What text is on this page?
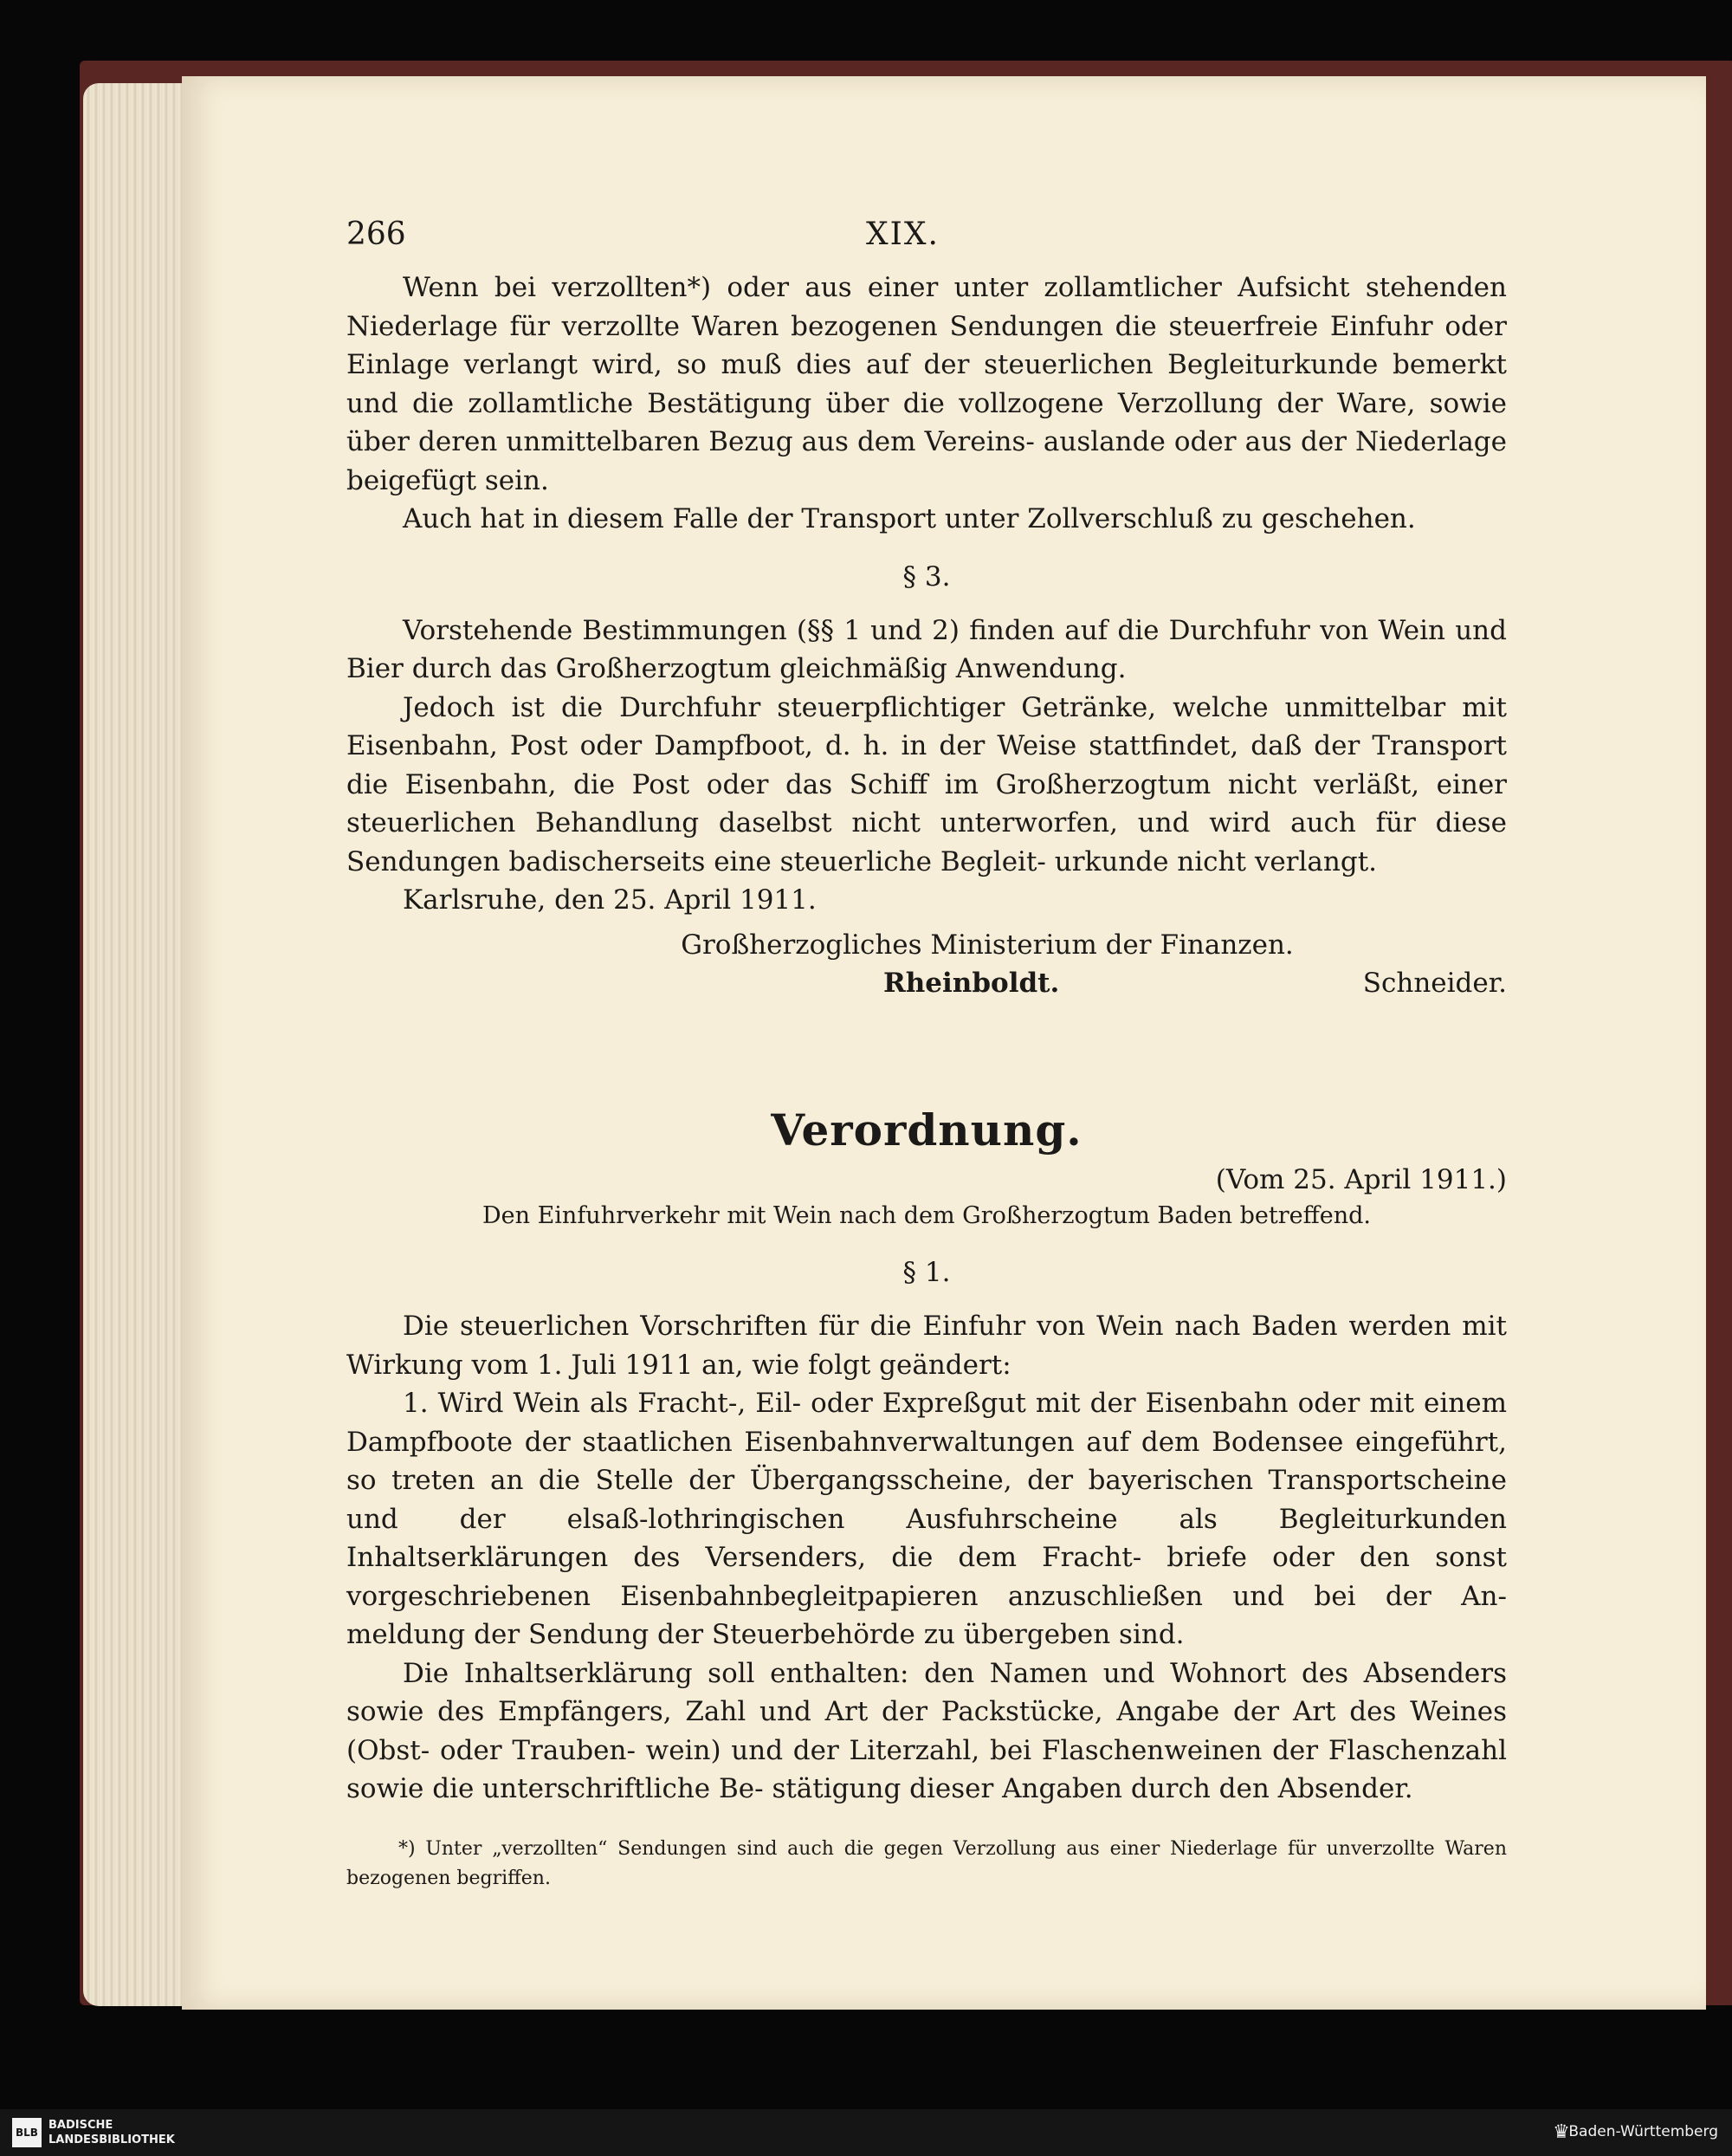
266	XIX.

Wenn bei verzollten*) oder aus einer unter zollamtlicher Aufsicht stehenden Niederlage für verzollte Waren bezogenen Sendungen die steuerfreie Einfuhr oder Einlage verlangt wird, so muß dies auf der steuerlichen Begleiturkunde bemerkt und die zollamtliche Bestätigung über die vollzogene Verzollung der Ware, sowie über deren unmittelbaren Bezug aus dem Vereins- auslande oder aus der Niederlage beigefügt sein.

Auch hat in diesem Falle der Transport unter Zollverschluß zu geschehen.

§ 3.

Vorstehende Bestimmungen (§§ 1 und 2) finden auf die Durchfuhr von Wein und Bier durch das Großherzogtum gleichmäßig Anwendung.

Jedoch ist die Durchfuhr steuerpflichtiger Getränke, welche unmittelbar mit Eisenbahn, Post oder Dampfboot, d. h. in der Weise stattfindet, daß der Transport die Eisenbahn, die Post oder das Schiff im Großherzogtum nicht verläßt, einer steuerlichen Behandlung daselbst nicht unterworfen, und wird auch für diese Sendungen badischerseits eine steuerliche Begleit- urkunde nicht verlangt.

Karlsruhe, den 25. April 1911.
Großherzogliches Ministerium der Finanzen.
Rheinboldt.	Schneider.
Verordnung.
(Vom 25. April 1911.)
Den Einfuhrverkehr mit Wein nach dem Großherzogtum Baden betreffend.
§ 1.

Die steuerlichen Vorschriften für die Einfuhr von Wein nach Baden werden mit Wirkung vom 1. Juli 1911 an, wie folgt geändert:

1. Wird Wein als Fracht-, Eil- oder Expreßgut mit der Eisenbahn oder mit einem Dampfboote der staatlichen Eisenbahnverwaltungen auf dem Bodensee eingeführt, so treten an die Stelle der Übergangsscheine, der bayerischen Transportscheine und der elsaß-lothringischen Ausfuhrscheine als Begleiturkunden Inhaltserklärungen des Versenders, die dem Fracht- briefe oder den sonst vorgeschriebenen Eisenbahnbegleitpapieren anzuschließen und bei der An- meldung der Sendung der Steuerbehörde zu übergeben sind.

Die Inhaltserklärung soll enthalten: den Namen und Wohnort des Absenders sowie des Empfängers, Zahl und Art der Packstücke, Angabe der Art des Weines (Obst- oder Trauben- wein) und der Literzahl, bei Flaschenweinen der Flaschenzahl sowie die unterschriftliche Be- stätigung dieser Angaben durch den Absender.

*) Unter „verzollten“ Sendungen sind auch die gegen Verzollung aus einer Niederlage für unverzollte Waren bezogenen begriffen.
BLB
BADISCHE
LANDESBIBLIOTHEK	♛
Baden-Württemberg
